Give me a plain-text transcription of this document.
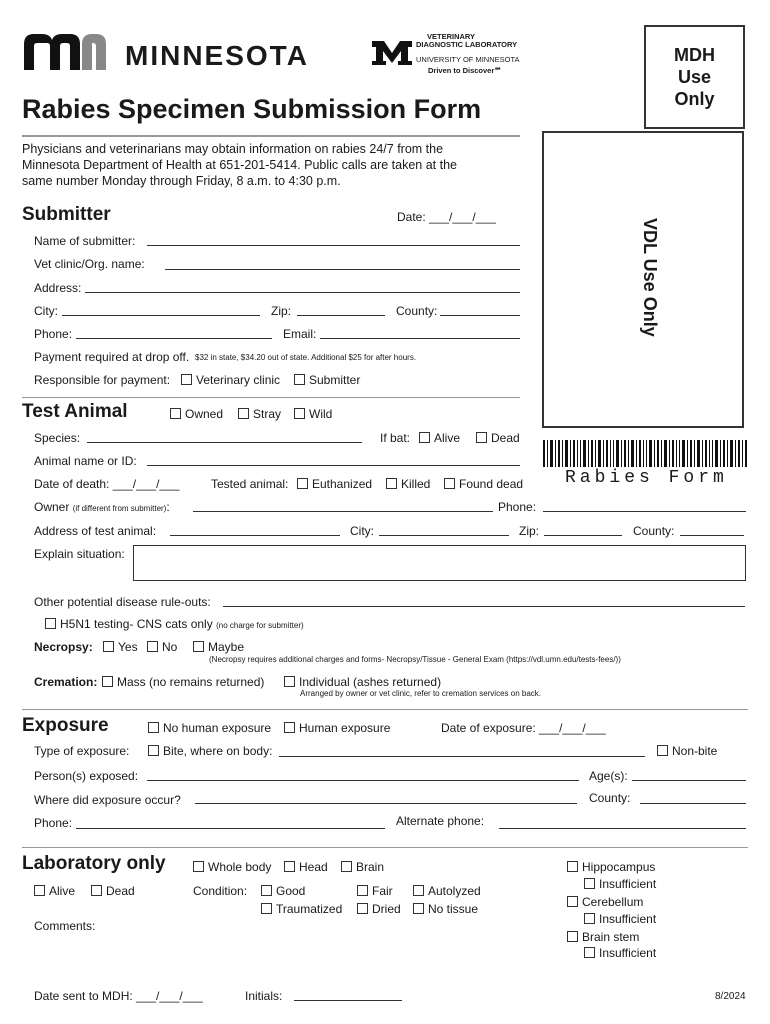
MINNESOTA
VETERINARY
DIAGNOSTIC LABORATORY
UNIVERSITY OF MINNESOTA
Driven to Discover℠
MDH Use Only
Rabies Specimen Submission Form
Physicians and veterinarians may obtain information on rabies 24/7 from the
Minnesota Department of Health at 651-201-5414. Public calls are taken at the
same number Monday through Friday, 8 a.m. to 4:30 p.m.
VDL Use Only
Rabies Form
Submitter	Date: ___/___/___
Name of submitter:
Vet clinic/Org. name:
Address:
City:	Zip:	County:
Phone:	Email:
Payment required at drop off. $32 in state, $34.20 out of state. Additional $25 for after hours.
Responsible for payment:	Veterinary clinic	Submitter
Test Animal	Owned	Stray	Wild
Species:	If bat:	Alive	Dead
Animal name or ID:
Date of death: ___/___/___	Tested animal:	Euthanized	Killed	Found dead
Owner (if different from submitter):	Phone:
Address of test animal:	City:	Zip:	County:
Explain situation:
Other potential disease rule-outs:
H5N1 testing- CNS cats only (no charge for submitter)
Necropsy:	Yes	No	Maybe
(Necropsy requires additional charges and forms- Necropsy/Tissue - General Exam (https://vdl.umn.edu/tests-fees/))
Cremation:	Mass (no remains returned)	Individual (ashes returned)
Arranged by owner or vet clinic, refer to cremation services on back.
Exposure	No human exposure	Human exposure	Date of exposure: ___/___/___
Type of exposure:	Bite, where on body:	Non-bite
Person(s) exposed:	Age(s):
Where did exposure occur?	County:
Phone:	Alternate phone:
Laboratory only	Whole body	Head	Brain
Alive	Dead	Condition:	Good	Fair	Autolyzed
Traumatized	Dried	No tissue
Hippocampus
Insufficient
Cerebellum
Insufficient
Brain stem
Insufficient
Comments:
Date sent to MDH: ___/___/___	Initials:	8/2024
